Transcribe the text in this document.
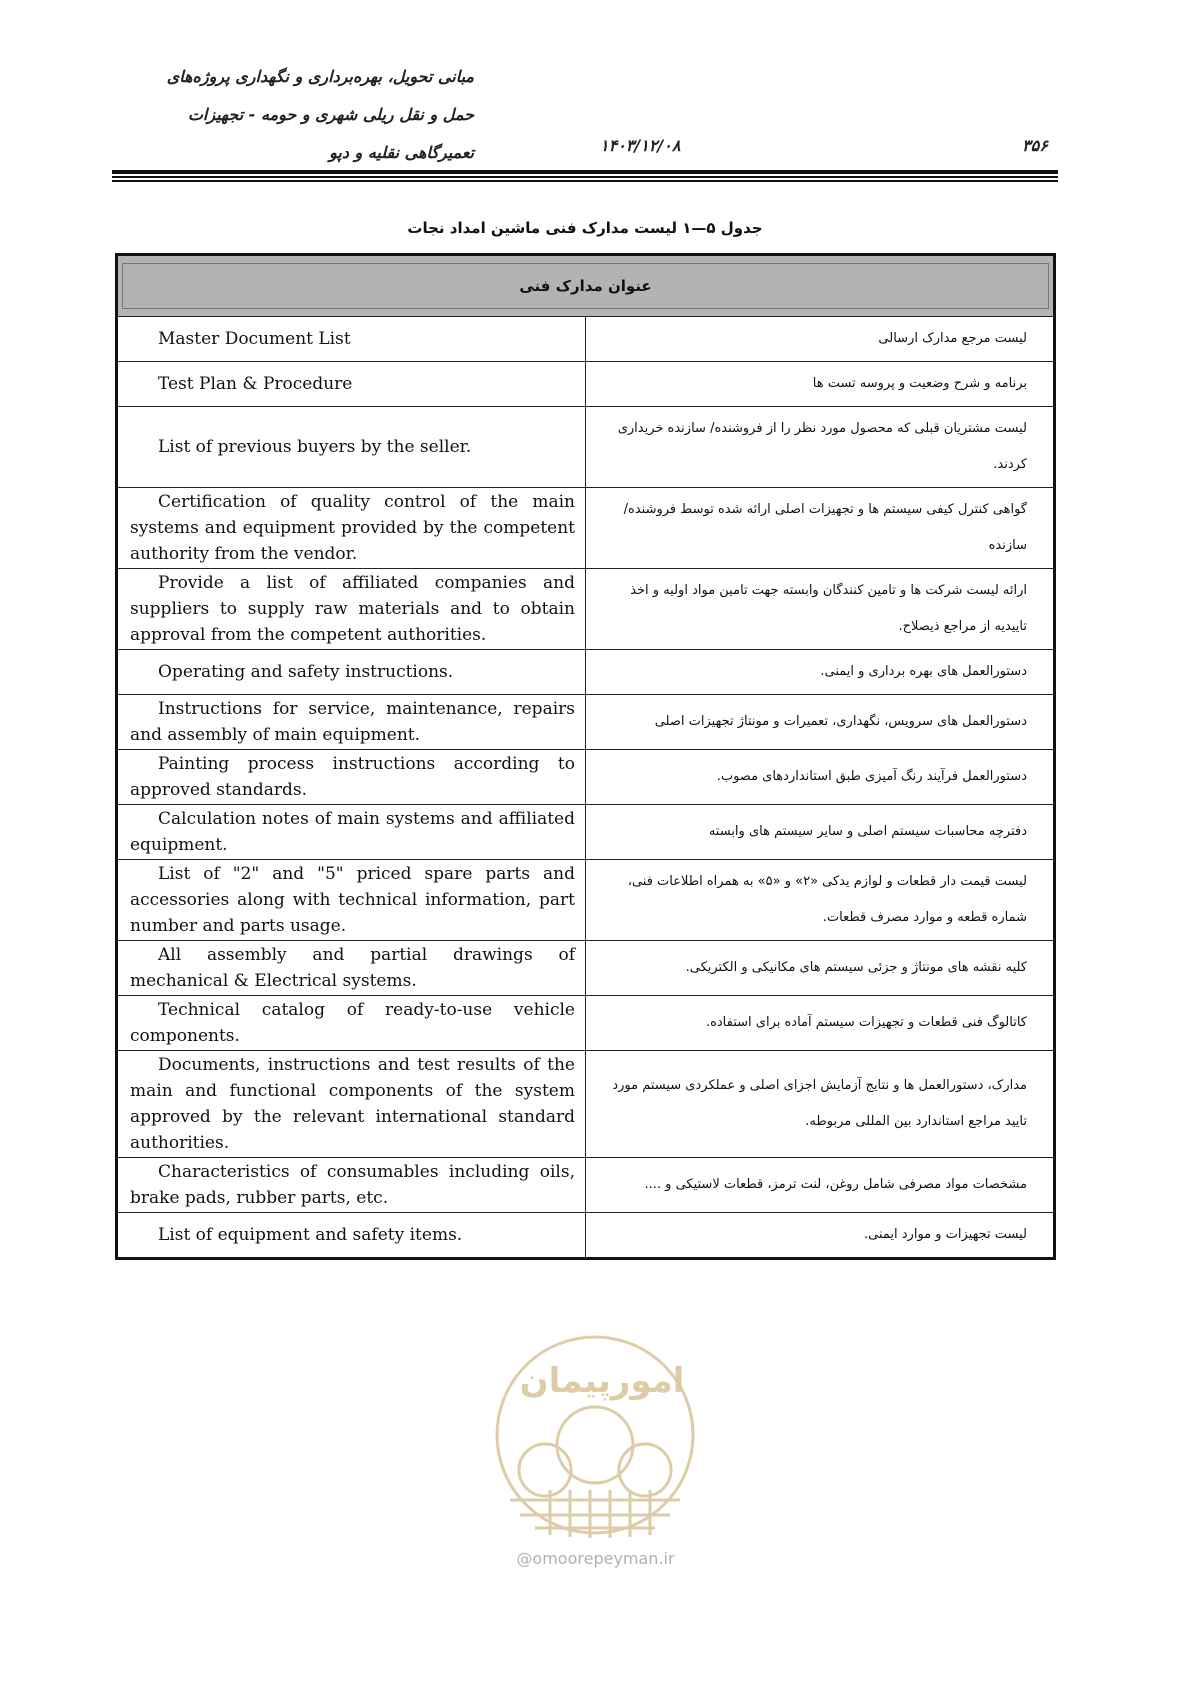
مبانی تحویل، بهره‌برداری و نگهداری پروژه‌های
حمل و نقل ریلی شهری و حومه - تجهیزات
تعمیرگاهی نقلیه و دپو	۱۴۰۳/۱۲/۰۸	۳۵۶
جدول ۵—۱ لیست مدارک فنی ماشین امداد نجات
عنوان مدارک فنی	

Master Document List	لیست مرجع مدارک ارسالی

Test Plan & Procedure	برنامه و شرح وضعیت و پروسه تست ها

List of previous buyers by the seller.	لیست مشتریان قبلی که محصول مورد نظر را از فروشنده/ سازنده خریداری کردند.

Certification of quality control of the main systems and equipment provided by the competent authority from the vendor.	گواهی کنترل کیفی سیستم ها و تجهیزات اصلی ارائه شده توسط فروشنده/ سازنده

Provide a list of affiliated companies and suppliers to supply raw materials and to obtain approval from the competent authorities.	ارائه لیست شرکت ها و تامین کنندگان وابسته جهت تامین مواد اولیه و اخذ تاییدیه از مراجع ذیصلاح.

Operating and safety instructions.	دستورالعمل های بهره برداری و ایمنی.

Instructions for service, maintenance, repairs and assembly of main equipment.	دستورالعمل های سرویس، نگهداری، تعمیرات و مونتاژ تجهیزات اصلی

Painting process instructions according to approved standards.	دستورالعمل فرآیند رنگ آمیزی طبق استانداردهای مصوب.

Calculation notes of main systems and affiliated equipment.	دفترچه محاسبات سیستم اصلی و سایر سیستم های وابسته

List of "2" and "5" priced spare parts and accessories along with technical information, part number and parts usage.	لیست قیمت دار قطعات و لوازم یدکی «۲» و «۵» به همراه اطلاعات فنی، شماره قطعه و موارد مصرف قطعات.

All assembly and partial drawings of mechanical & Electrical systems.	کلیه نقشه های مونتاژ و جزئی سیستم های مکانیکی و الکتریکی.

Technical catalog of ready-to-use vehicle components.	کاتالوگ فنی قطعات و تجهیزات سیستم آماده برای استفاده.

Documents, instructions and test results of the main and functional components of the system approved by the relevant international standard authorities.	مدارک، دستورالعمل ها و نتایج آزمایش اجزای اصلی و عملکردی سیستم مورد تایید مراجع استاندارد بین المللی مربوطه.

Characteristics of consumables including oils, brake pads, rubber parts, etc.	مشخصات مواد مصرفی شامل روغن، لنت ترمز، قطعات لاستیکی و ....

List of equipment and safety items.	لیست تجهیزات و موارد ایمنی.
امورپیمان
@omoorepeyman.ir
